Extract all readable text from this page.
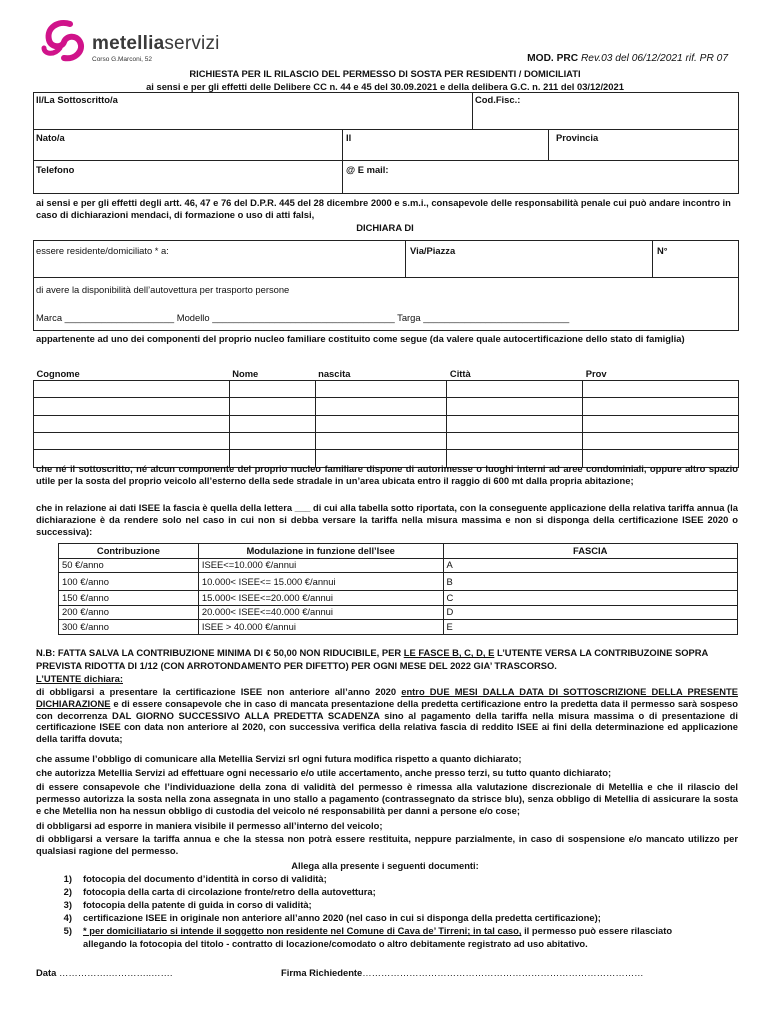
metelliaservizi
Corso G.Marconi, 52	MOD. PRC Rev.03 del 06/12/2021 rif. PR 07
RICHIESTA PER IL RILASCIO DEL PERMESSO DI SOSTA PER RESIDENTI / DOMICILIATI
ai sensi e per gli effetti delle Delibere CC n. 44 e 45 del 30.09.2021 e della delibera G.C. n. 211 del 03/12/2021
Il/La Sottoscritto/a	Cod.Fisc.:
Nato/a	Il	Provincia
Telefono	@ E mail:
ai sensi e per gli effetti degli artt. 46, 47 e 76 del D.P.R. 445 del 28 dicembre 2000 e s.m.i., consapevole delle responsabilità penale cui può andare incontro in caso di dichiarazioni mendaci, di formazione o uso di atti falsi,
DICHIARA DI
essere residente/domiciliato * a:	Via/Piazza	N°
di avere la disponibilità dell’autovettura per trasporto persone
Marca _____________________ Modello ___________________________________ Targa ____________________________
appartenente ad uno dei componenti del proprio nucleo familiare costituito come segue (da valere quale autocertificazione dello stato di famiglia)
Cognome	Nome	nascita	Città	Prov

che né il sottoscritto, né alcun componente del proprio nucleo familiare dispone di autorimesse o luoghi interni ad aree condominiali, oppure altro spazio utile per la sosta del proprio veicolo all’esterno della sede stradale in un’area ubicata entro il raggio di 600 mt dalla propria abitazione;
che in relazione ai dati ISEE la fascia è quella della lettera ___ di cui alla tabella sotto riportata, con la conseguente applicazione della relativa tariffa annua (la dichiarazione è da rendere solo nel caso in cui non si debba versare la tariffa nella misura massima e non si disponga della certificazione ISEE 2020 o successiva):
Contribuzione	Modulazione in funzione dell’Isee	FASCIA
50 €/anno	ISEE<=10.000 €/annui	A
100 €/anno	10.000< ISEE<= 15.000 €/annui	B
150 €/anno	15.000< ISEE<=20.000 €/annui	C
200 €/anno	20.000< ISEE<=40.000 €/annui	D
300 €/anno	ISEE > 40.000 €/annui	E
N.B: FATTA SALVA LA CONTRIBUZIONE MINIMA DI € 50,00 NON RIDUCIBILE, PER LE FASCE B, C, D, E L’UTENTE VERSA LA CONTRIBUZOINE SOPRA
PREVISTA RIDOTTA DI 1/12 (CON ARROTONDAMENTO PER DIFETTO) PER OGNI MESE DEL 2022 GIA’ TRASCORSO.
L’UTENTE dichiara:
di obbligarsi a presentare la certificazione ISEE non anteriore all’anno 2020 entro DUE MESI DALLA DATA DI SOTTOSCRIZIONE DELLA PRESENTE DICHIARAZIONE e di essere consapevole che in caso di mancata presentazione della predetta certificazione entro la predetta data il permesso sarà sospeso con decorrenza DAL GIORNO SUCCESSIVO ALLA PREDETTA SCADENZA sino al pagamento della tariffa nella misura massima o di presentazione di certificazione ISEE con data non anteriore al 2020, con successiva verifica della relativa fascia di reddito ISEE ai fini della determinazione ed applicazione della tariffa dovuta;
che assume l’obbligo di comunicare alla Metellia Servizi srl ogni futura modifica rispetto a quanto dichiarato;
che autorizza Metellia Servizi ad effettuare ogni necessario e/o utile accertamento, anche presso terzi, su tutto quanto dichiarato;
di essere consapevole che l’individuazione della zona di validità del permesso è rimessa alla valutazione discrezionale di Metellia e che il rilascio del permesso autorizza la sosta nella zona assegnata in uno stallo a pagamento (contrassegnato da strisce blu), senza obbligo di Metellia di assicurare la sosta e che Metellia non ha nessun obbligo di custodia del veicolo né responsabilità per danni a persone e/o cose;
di obbligarsi ad esporre in maniera visibile il permesso all’interno del veicolo;
di obbligarsi a versare la tariffa annua e che la stessa non potrà essere restituita, neppure parzialmente, in caso di sospensione e/o mancato utilizzo per qualsiasi ragione del permesso.
Allega alla presente i seguenti documenti:
1) fotocopia del documento d’identità in corso di validità;
2) fotocopia della carta di circolazione fronte/retro della autovettura;
3) fotocopia della patente di guida in corso di validità;
4) certificazione ISEE in originale non anteriore all’anno 2020 (nel caso in cui si disponga della predetta certificazione);
5) * per domiciliatario si intende il soggetto non residente nel Comune di Cava de’ Tirreni; in tal caso, il permesso può essere rilasciato
allegando la fotocopia del titolo - contratto di locazione/comodato o altro debitamente registrato ad uso abitativo.
Data …………….…………..…….	Firma Richiedente………………………………………………………………………………
